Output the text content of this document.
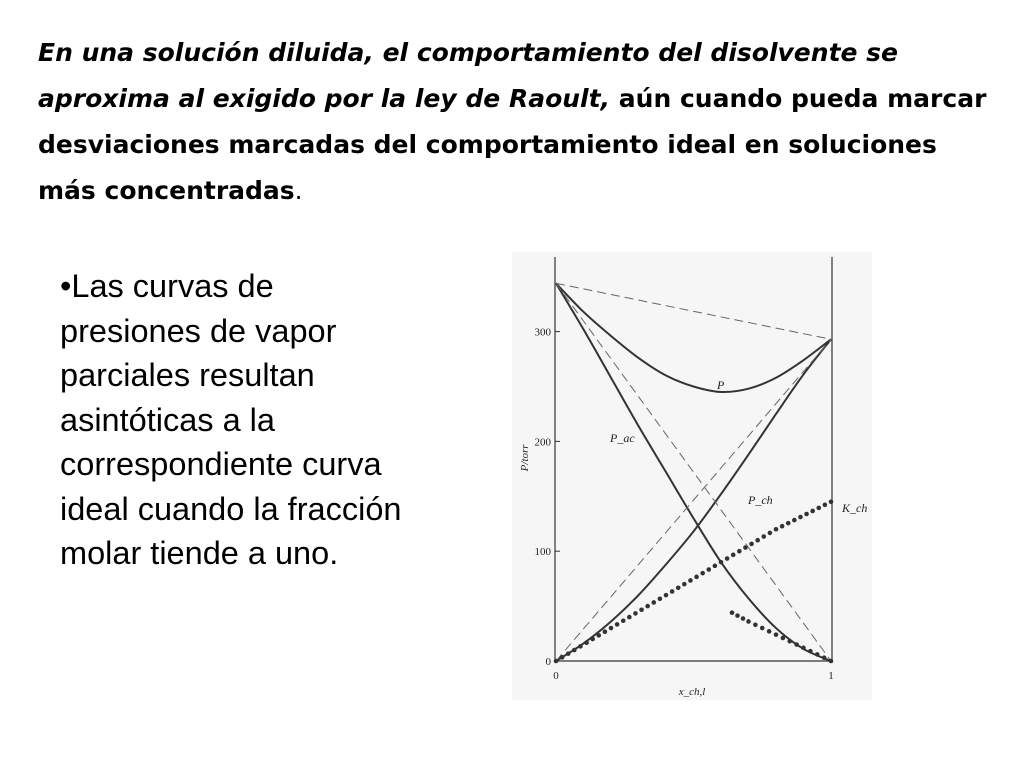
En una solución diluida, el comportamiento del disolvente se aproxima al exigido por la ley de Raoult, aún cuando pueda marcar desviaciones marcadas del comportamiento ideal en soluciones más concentradas.
•Las curvas de presiones de vapor parciales resultan asintóticas a la correspondiente curva ideal cuando la fracción molar tiende a uno.
0
100
200
300
0	1
x_ch,l
P/torr
P
P_ac
P_ch
K_ch
